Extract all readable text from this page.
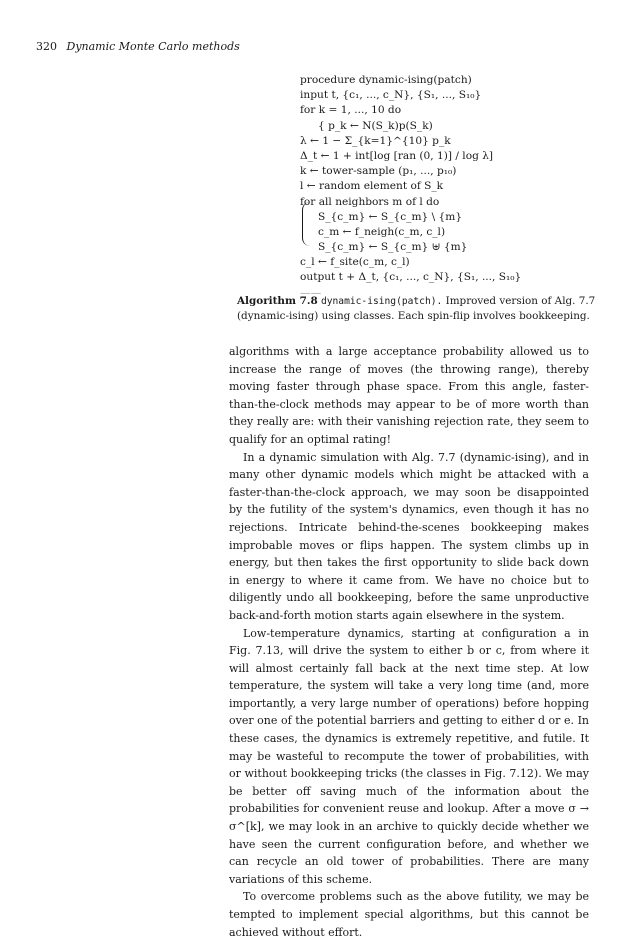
320 Dynamic Monte Carlo methods
procedure dynamic-ising(patch)
input t, {c₁, ..., c_N}, {S₁, ..., S₁₀}
for k = 1, ..., 10 do
{ p_k ← N(S_k)p(S_k)
λ ← 1 − Σ_{k=1}^{10} p_k
Δ_t ← 1 + int[log [ran (0, 1)] / log λ]
k ← tower-sample (p₁, ..., p₁₀)
l ← random element of S_k
for all neighbors m of l do
S_{c_m} ← S_{c_m} \ {m}
c_m ← f_neigh(c_m, c_l)
S_{c_m} ← S_{c_m} ⊎ {m}
c_l ← f_site(c_m, c_l)
output t + Δ_t, {c₁, ..., c_N}, {S₁, ..., S₁₀}
——
Algorithm 7.8 dynamic-ising(patch). Improved version of Alg. 7.7 (dynamic-ising) using classes. Each spin-flip involves bookkeeping.

algorithms with a large acceptance probability allowed us to increase the range of moves (the throwing range), thereby moving faster through phase space. From this angle, faster-than-the-clock methods may appear to be of more worth than they really are: with their vanishing rejection rate, they seem to qualify for an optimal rating!

In a dynamic simulation with Alg. 7.7 (dynamic-ising), and in many other dynamic models which might be attacked with a faster-than-the-clock approach, we may soon be disappointed by the futility of the system's dynamics, even though it has no rejections. Intricate behind-the-scenes bookkeeping makes improbable moves or flips happen. The system climbs up in energy, but then takes the first opportunity to slide back down in energy to where it came from. We have no choice but to diligently undo all bookkeeping, before the same unproductive back-and-forth motion starts again elsewhere in the system.

Low-temperature dynamics, starting at configuration a in Fig. 7.13, will drive the system to either b or c, from where it will almost certainly fall back at the next time step. At low temperature, the system will take a very long time (and, more importantly, a very large number of operations) before hopping over one of the potential barriers and getting to either d or e. In these cases, the dynamics is extremely repetitive, and futile. It may be wasteful to recompute the tower of probabilities, with or without bookkeeping tricks (the classes in Fig. 7.12). We may be better off saving much of the information about the probabilities for convenient reuse and lookup. After a move σ → σ^[k], we may look in an archive to quickly decide whether we have seen the current configuration before, and whether we can recycle an old tower of probabilities. There are many variations of this scheme.

To overcome problems such as the above futility, we may be tempted to implement special algorithms, but this cannot be achieved without effort.
